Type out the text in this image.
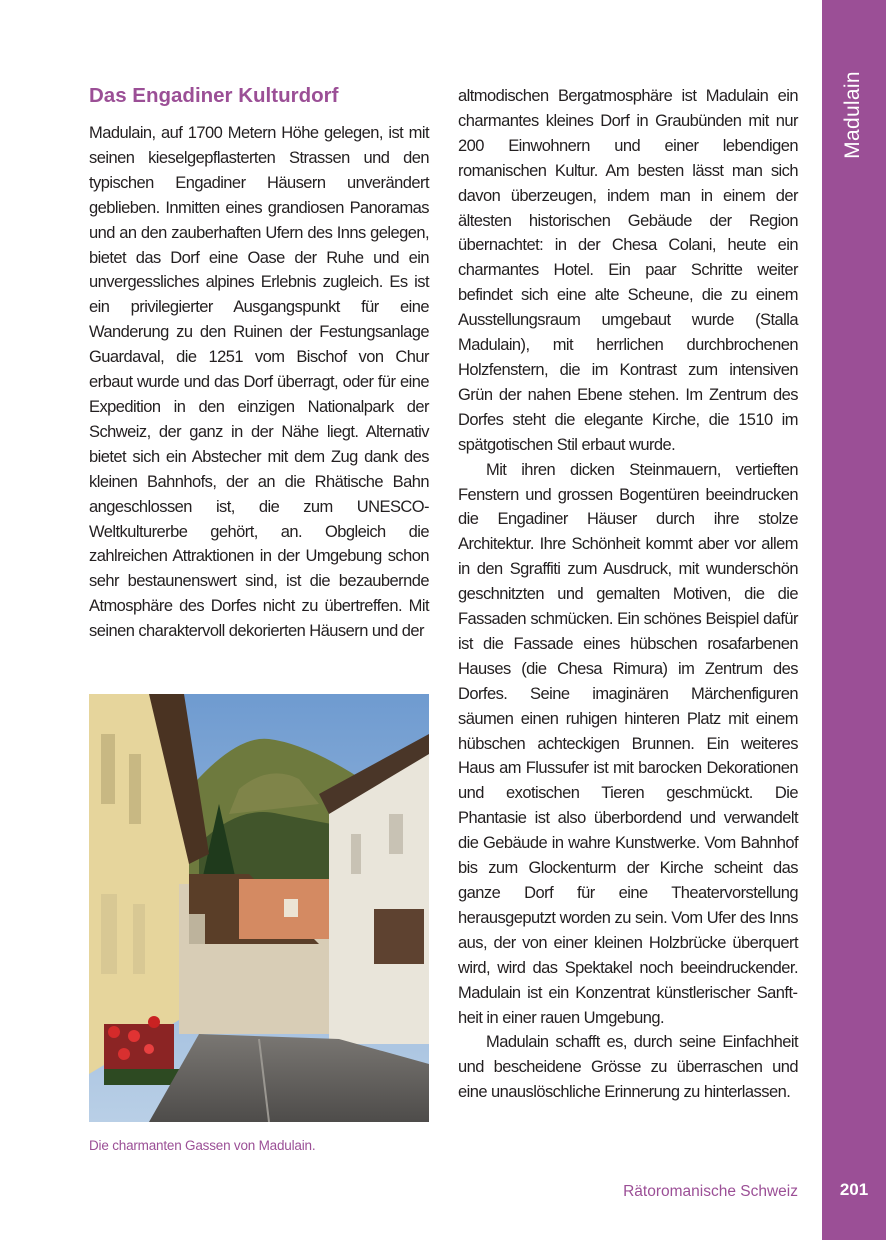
Madulain
Das Engadiner Kulturdorf

Madulain, auf 1700 Metern Höhe gelegen, ist mit seinen kieselgepflasterten Strassen und den typischen Engadiner Häusern unverändert geblieben. Inmitten eines grandiosen Panoramas und an den zauberhaften Ufern des Inns gelegen, bietet das Dorf eine Oase der Ruhe und ein unvergessliches alpines Erlebnis zugleich. Es ist ein privilegierter Ausgangspunkt für eine Wanderung zu den Ruinen der Festungsanlage Guardaval, die 1251 vom Bischof von Chur erbaut wurde und das Dorf überragt, oder für eine Expedition in den einzigen Nationalpark der Schweiz, der ganz in der Nähe liegt. Alternativ bietet sich ein Abstecher mit dem Zug dank des kleinen Bahnhofs, der an die Rhätische Bahn angeschlossen ist, die zum UNESCO-Weltkulturerbe gehört, an. Obgleich die zahlreichen Attraktionen in der Umgebung schon sehr bestaunenswert sind, ist die bezaubernde Atmosphäre des Dorfes nicht zu übertreffen. Mit seinen charaktervoll dekorierten Häusern und der

altmodischen Bergatmosphäre ist Madulain ein charmantes kleines Dorf in Graubünden mit nur 200 Einwohnern und einer lebendigen romanischen Kultur. Am besten lässt man sich davon überzeugen, indem man in einem der ältesten historischen Gebäude der Region übernachtet: in der Chesa Colani, heute ein charmantes Hotel. Ein paar Schritte weiter befindet sich eine alte Scheune, die zu einem Ausstellungsraum umgebaut wurde (Stalla Madulain), mit herrlichen durchbrochenen Holzfenstern, die im Kontrast zum intensiven Grün der nahen Ebene stehen. Im Zentrum des Dorfes steht die elegante Kirche, die 1510 im spätgotischen Stil erbaut wurde.

Mit ihren dicken Steinmauern, vertieften Fenstern und grossen Bogentüren beeindrucken die Engadiner Häuser durch ihre stolze Architektur. Ihre Schönheit kommt aber vor allem in den Sgraffiti zum Ausdruck, mit wunderschön geschnitzten und gemalten Motiven, die die Fassaden schmücken. Ein schönes Beispiel dafür ist die Fassade eines hübschen rosafarbenen Hauses (die Chesa Rimura) im Zentrum des Dorfes. Seine imaginären Märchenfiguren säumen einen ruhigen hinteren Platz mit einem hübschen achteckigen Brunnen. Ein weiteres Haus am Flussufer ist mit barocken Dekorationen und exotischen Tieren geschmückt. Die Phantasie ist also überbordend und verwandelt die Gebäude in wahre Kunstwerke. Vom Bahnhof bis zum Glockenturm der Kirche scheint das ganze Dorf für eine Theatervorstellung herausgeputzt worden zu sein. Vom Ufer des Inns aus, der von einer kleinen Holzbrücke überquert wird, wird das Spektakel noch beeindruckender. Madulain ist ein Konzentrat künstlerischer Sanftheit in einer rauen Umgebung.

Madulain schafft es, durch seine Einfachheit und bescheidene Grösse zu überraschen und eine unauslöschliche Erinnerung zu hinterlassen.

Die charmanten Gassen von Madulain.
Rätoromanische Schweiz	201
